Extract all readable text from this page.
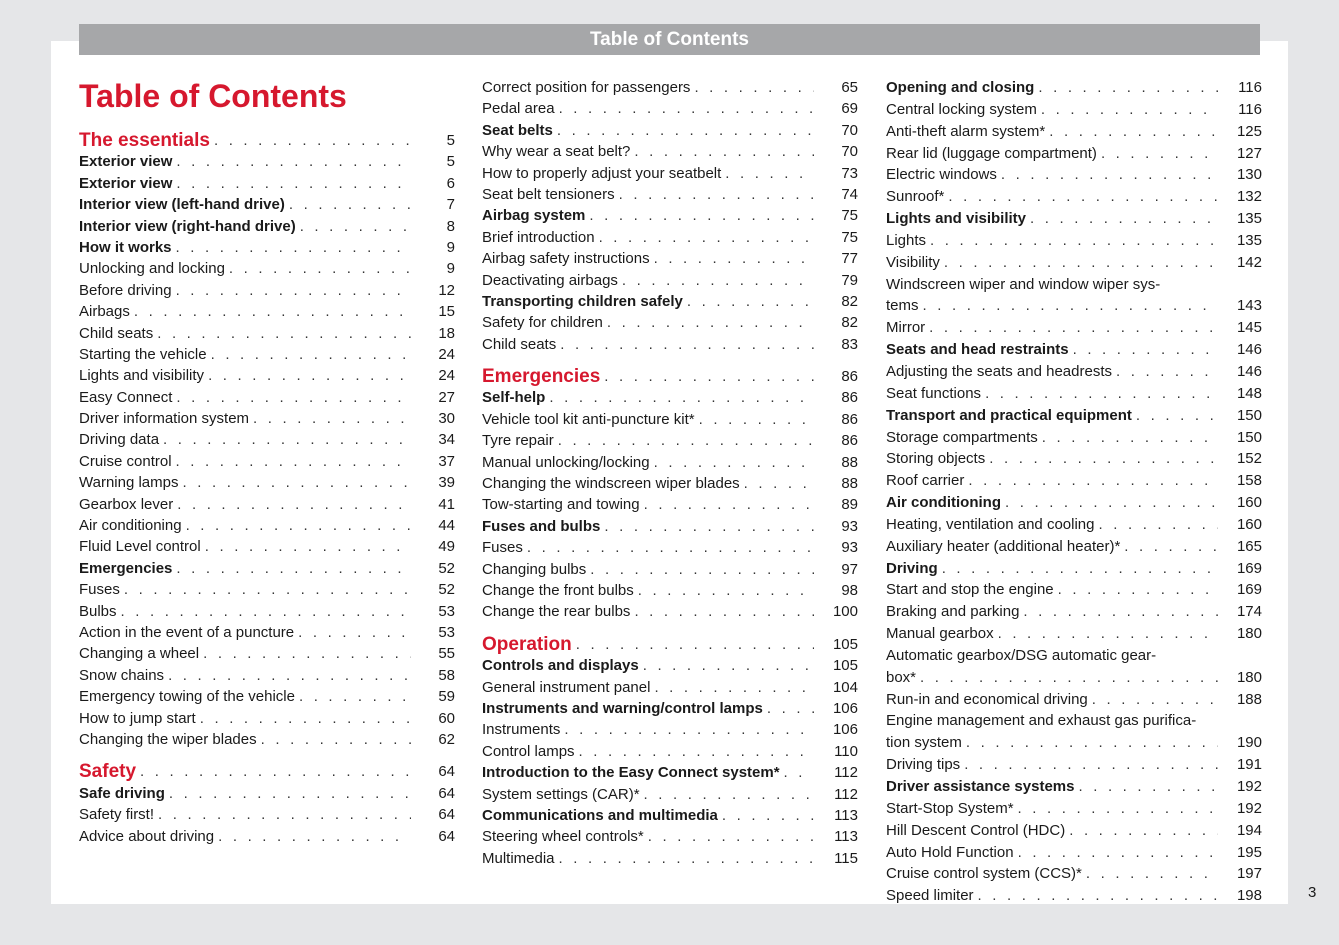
Table of Contents
Table of Contents
The essentials . . .	5
Exterior view . . .	5
Exterior view . . .	6
Interior view (left-hand drive) . . .	7
Interior view (right-hand drive) . . .	8
How it works . . .	9
Unlocking and locking . . .	9
Before driving . . .	12
Airbags . . .	15
Child seats . . .	18
Starting the vehicle . . .	24
Lights and visibility . . .	24
Easy Connect . . .	27
Driver information system . . .	30
Driving data . . .	34
Cruise control . . .	37
Warning lamps . . .	39
Gearbox lever . . .	41
Air conditioning . . .	44
Fluid Level control . . .	49
Emergencies . . .	52
Fuses . . .	52
Bulbs . . .	53
Action in the event of a puncture . . .	53
Changing a wheel . . .	55
Snow chains . . .	58
Emergency towing of the vehicle . . .	59
How to jump start . . .	60
Changing the wiper blades . . .	62
Safety . . .	64
Safe driving . . .	64
Safety first! . . .	64
Advice about driving . . .	64
Correct position for passengers . . .	65
Pedal area . . .	69
Seat belts . . .	70
Why wear a seat belt? . . .	70
How to properly adjust your seatbelt . . .	73
Seat belt tensioners . . .	74
Airbag system . . .	75
Brief introduction . . .	75
Airbag safety instructions . . .	77
Deactivating airbags . . .	79
Transporting children safely . . .	82
Safety for children . . .	82
Child seats . . .	83
Emergencies . . .	86
Self-help . . .	86
Vehicle tool kit anti-puncture kit* . . .	86
Tyre repair . . .	86
Manual unlocking/locking . . .	88
Changing the windscreen wiper blades . . .	88
Tow-starting and towing . . .	89
Fuses and bulbs . . .	93
Fuses . . .	93
Changing bulbs . . .	97
Change the front bulbs . . .	98
Change the rear bulbs . . .	100
Operation . . .	105
Controls and displays . . .	105
General instrument panel . . .	104
Instruments and warning/control lamps . . .	106
Instruments . . .	106
Control lamps . . .	110
Introduction to the Easy Connect system* . . .	112
System settings (CAR)* . . .	112
Communications and multimedia . . .	113
Steering wheel controls* . . .	113
Multimedia . . .	115
Opening and closing . . .	116
Central locking system . . .	116
Anti-theft alarm system* . . .	125
Rear lid (luggage compartment) . . .	127
Electric windows . . .	130
Sunroof* . . .	132
Lights and visibility . . .	135
Lights . . .	135
Visibility . . .	142
Windscreen wiper and window wiper sys-
tems . . .	143
Mirror . . .	145
Seats and head restraints . . .	146
Adjusting the seats and headrests . . .	146
Seat functions . . .	148
Transport and practical equipment . . .	150
Storage compartments . . .	150
Storing objects . . .	152
Roof carrier . . .	158
Air conditioning . . .	160
Heating, ventilation and cooling . . .	160
Auxiliary heater (additional heater)* . . .	165
Driving . . .	169
Start and stop the engine . . .	169
Braking and parking . . .	174
Manual gearbox . . .	180
Automatic gearbox/DSG automatic gear-
box* . . .	180
Run-in and economical driving . . .	188
Engine management and exhaust gas purifica-
tion system . . .	190
Driving tips . . .	191
Driver assistance systems . . .	192
Start-Stop System* . . .	192
Hill Descent Control (HDC) . . .	194
Auto Hold Function . . .	195
Cruise control system (CCS)* . . .	197
Speed limiter . . .	198	3
